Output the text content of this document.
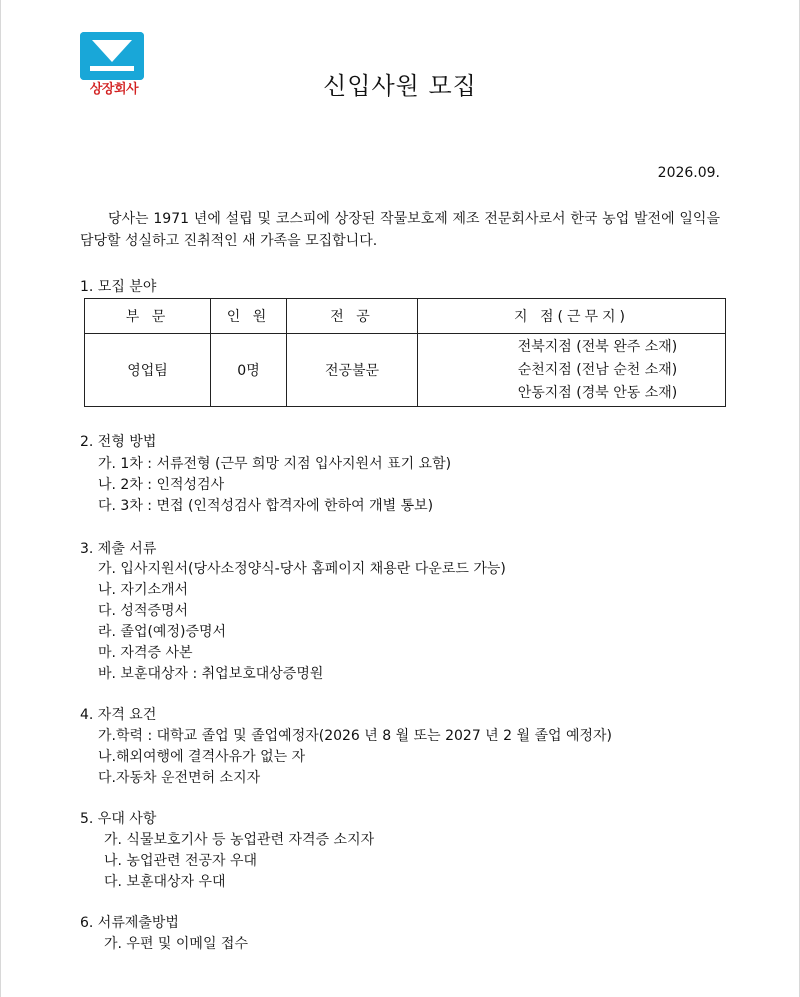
상장회사	신입사원 모집
2026.09.
당사는 1971 년에 설립 및 코스피에 상장된 작물보호제 제조 전문회사로서 한국 농업 발전에 일익을 담당할 성실하고 진취적인 새 가족을 모집합니다.
1. 모집 분야
부 문	인 원	전 공	지 점(근무지)
영업팀	0명	전공불문	전북지점 (전북 완주 소재)
순천지점 (전남 순천 소재)
안동지점 (경북 안동 소재)
2. 전형 방법
가. 1차 : 서류전형 (근무 희망 지점 입사지원서 표기 요함)
나. 2차 : 인적성검사
다. 3차 : 면접 (인적성검사 합격자에 한하여 개별 통보)
3. 제출 서류
가. 입사지원서(당사소정양식-당사 홈페이지 채용란 다운로드 가능)
나. 자기소개서
다. 성적증명서
라. 졸업(예정)증명서
마. 자격증 사본
바. 보훈대상자 : 취업보호대상증명원
4. 자격 요건
가.학력 : 대학교 졸업 및 졸업예정자(2026 년 8 월 또는 2027 년 2 월 졸업 예정자)
나.해외여행에 결격사유가 없는 자
다.자동차 운전면허 소지자
5. 우대 사항
가. 식물보호기사 등 농업관련 자격증 소지자
나. 농업관련 전공자 우대
다. 보훈대상자 우대
6. 서류제출방법
가. 우편 및 이메일 접수
